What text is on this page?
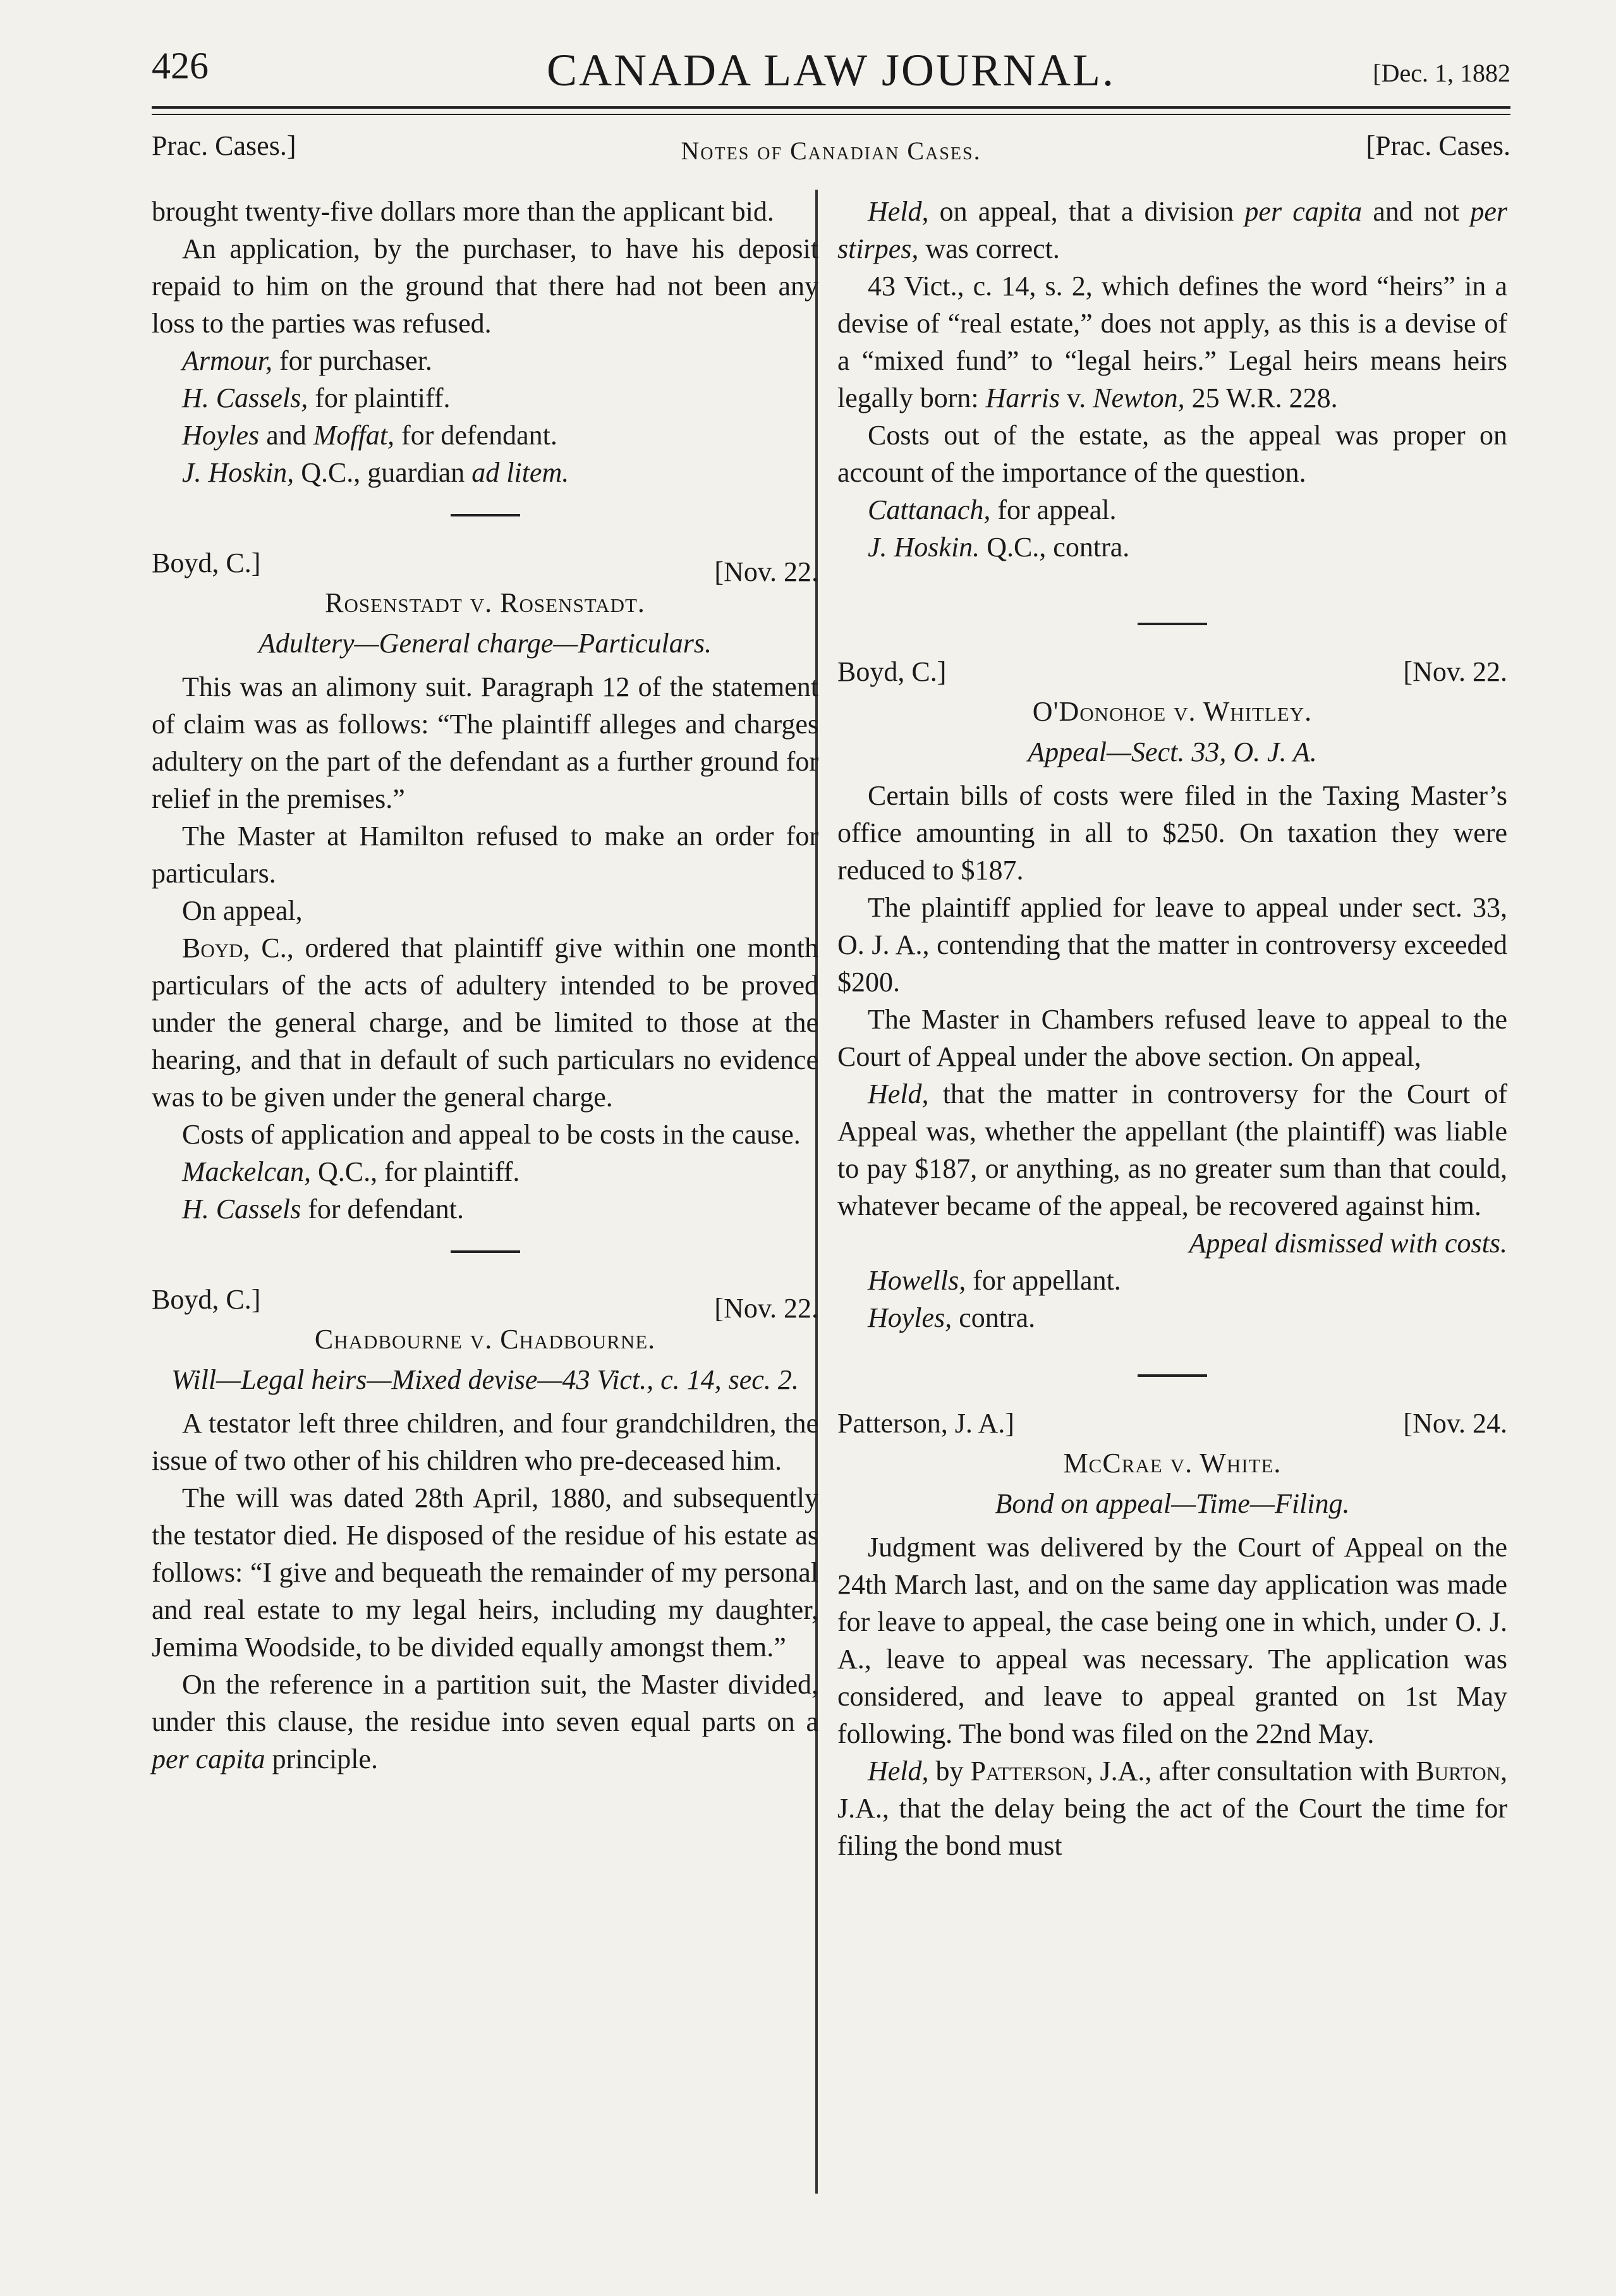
426	CANADA LAW JOURNAL.	[Dec. 1, 1882
Prac. Cases.]	Notes of Canadian Cases.	[Prac. Cases.

brought twenty-five dollars more than the applicant bid.

An application, by the purchaser, to have his deposit repaid to him on the ground that there had not been any loss to the parties was refused.

Armour, for purchaser.

H. Cassels, for plaintiff.

Hoyles and Moffat, for defendant.

J. Hoskin, Q.C., guardian ad litem.

Boyd, C.]	[Nov. 22.
Rosenstadt v. Rosenstadt.
Adultery—General charge—Particulars.

This was an alimony suit. Paragraph 12 of the statement of claim was as follows: “The plaintiff alleges and charges adultery on the part of the defendant as a further ground for relief in the premises.”

The Master at Hamilton refused to make an order for particulars.

On appeal,

Boyd, C., ordered that plaintiff give within one month particulars of the acts of adultery intended to be proved under the general charge, and be limited to those at the hearing, and that in default of such particulars no evidence was to be given under the general charge.

Costs of application and appeal to be costs in the cause.

Mackelcan, Q.C., for plaintiff.

H. Cassels for defendant.

Boyd, C.]	[Nov. 22.
Chadbourne v. Chadbourne.
Will—Legal heirs—Mixed devise—43 Vict., c. 14, sec. 2.

A testator left three children, and four grandchildren, the issue of two other of his children who pre-deceased him.

The will was dated 28th April, 1880, and subsequently the testator died. He disposed of the residue of his estate as follows: “I give and bequeath the remainder of my personal and real estate to my legal heirs, including my daughter, Jemima Woodside, to be divided equally amongst them.”

On the reference in a partition suit, the Master divided, under this clause, the residue into seven equal parts on a per capita principle.

Held, on appeal, that a division per capita and not per stirpes, was correct.

43 Vict., c. 14, s. 2, which defines the word “heirs” in a devise of “real estate,” does not apply, as this is a devise of a “mixed fund” to “legal heirs.” Legal heirs means heirs legally born: Harris v. Newton, 25 W.R. 228.

Costs out of the estate, as the appeal was proper on account of the importance of the question.

Cattanach, for appeal.

J. Hoskin. Q.C., contra.

Boyd, C.]	[Nov. 22.
O'Donohoe v. Whitley.
Appeal—Sect. 33, O. J. A.

Certain bills of costs were filed in the Taxing Master’s office amounting in all to $250. On taxation they were reduced to $187.

The plaintiff applied for leave to appeal under sect. 33, O. J. A., contending that the matter in controversy exceeded $200.

The Master in Chambers refused leave to appeal to the Court of Appeal under the above section. On appeal,

Held, that the matter in controversy for the Court of Appeal was, whether the appellant (the plaintiff) was liable to pay $187, or anything, as no greater sum than that could, whatever became of the appeal, be recovered against him.

Appeal dismissed with costs.

Howells, for appellant.

Hoyles, contra.

Patterson, J. A.]	[Nov. 24.
McCrae v. White.
Bond on appeal—Time—Filing.

Judgment was delivered by the Court of Appeal on the 24th March last, and on the same day application was made for leave to appeal, the case being one in which, under O. J. A., leave to appeal was necessary. The application was considered, and leave to appeal granted on 1st May following. The bond was filed on the 22nd May.

Held, by Patterson, J.A., after consultation with Burton, J.A., that the delay being the act of the Court the time for filing the bond must
